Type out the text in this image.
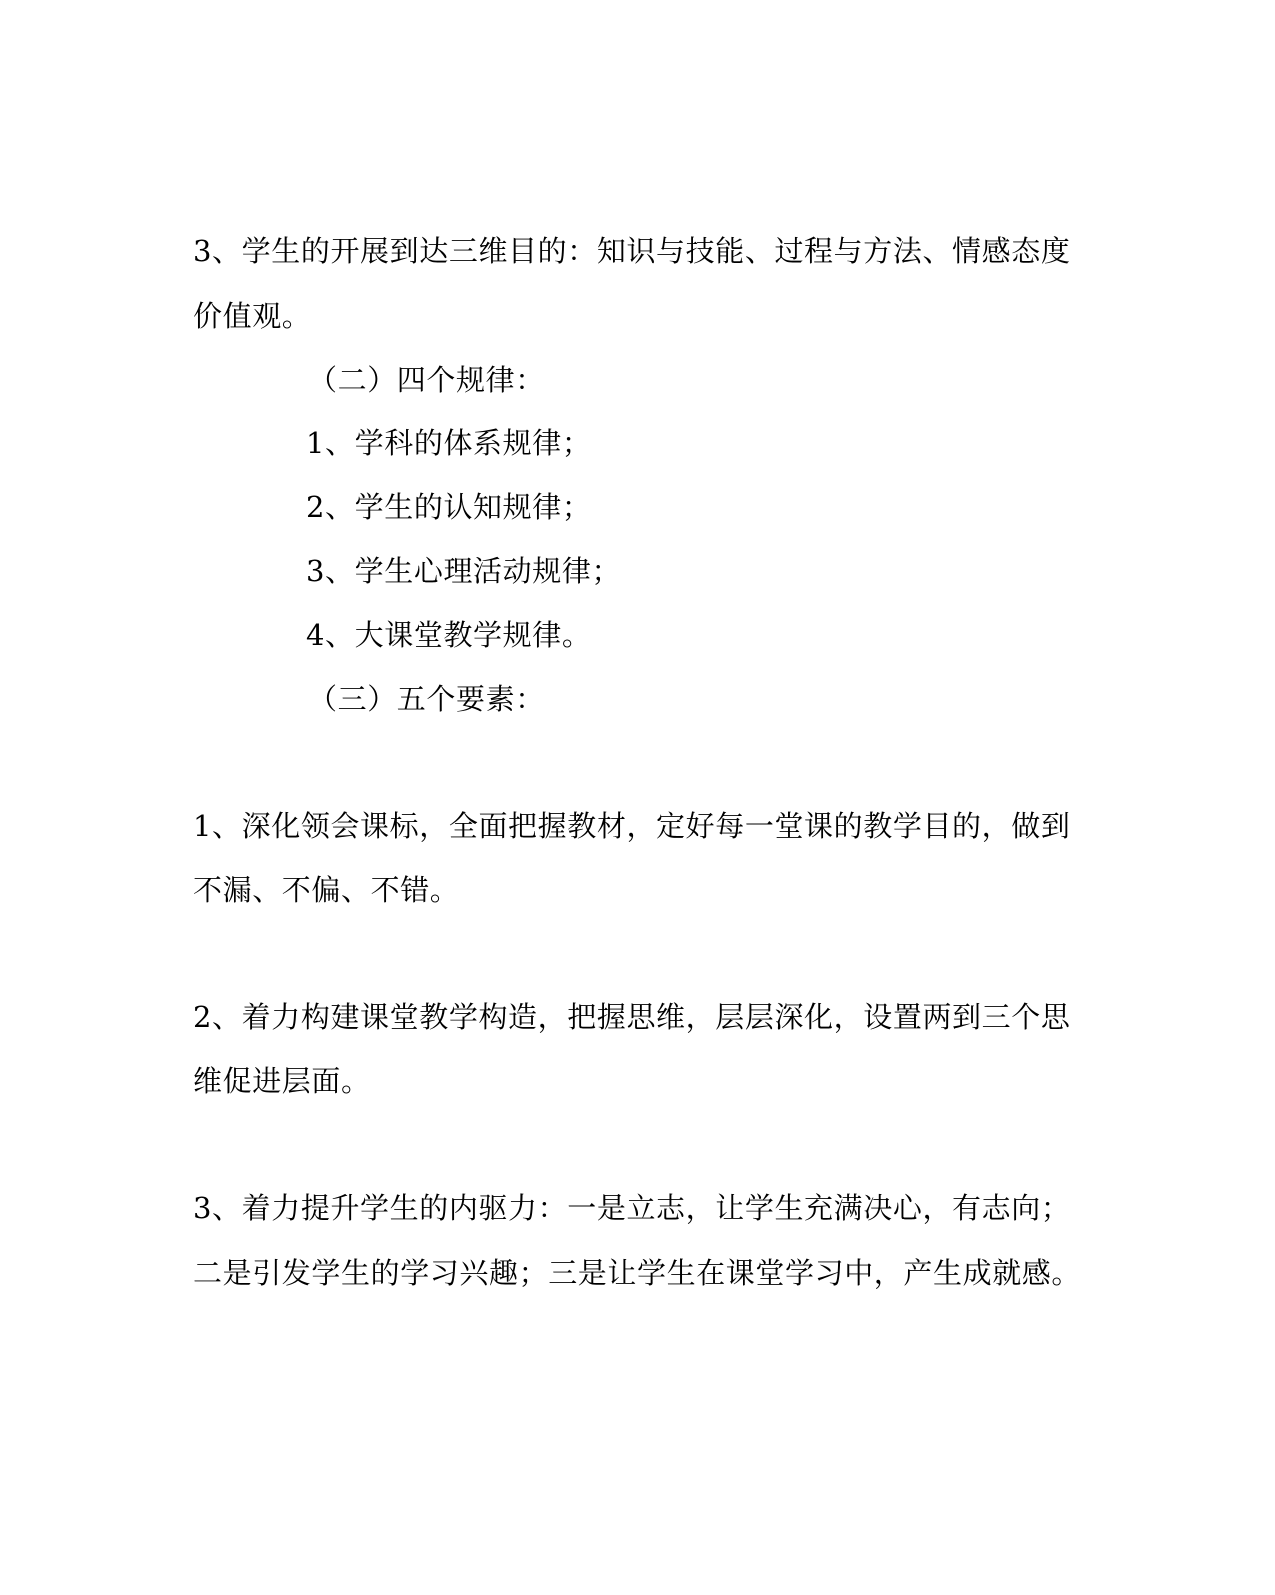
3、学生的开展到达三维目的：知识与技能、过程与方法、情感态度
价值观。
（二）四个规律：
1、学科的体系规律；
2、学生的认知规律；
3、学生心理活动规律；
4、大课堂教学规律。
（三）五个要素：
1、深化领会课标，全面把握教材，定好每一堂课的教学目的，做到
不漏、不偏、不错。
2、着力构建课堂教学构造，把握思维，层层深化，设置两到三个思
维促进层面。
3、着力提升学生的内驱力：一是立志，让学生充满决心，有志向；
二是引发学生的学习兴趣；三是让学生在课堂学习中，产生成就感。
